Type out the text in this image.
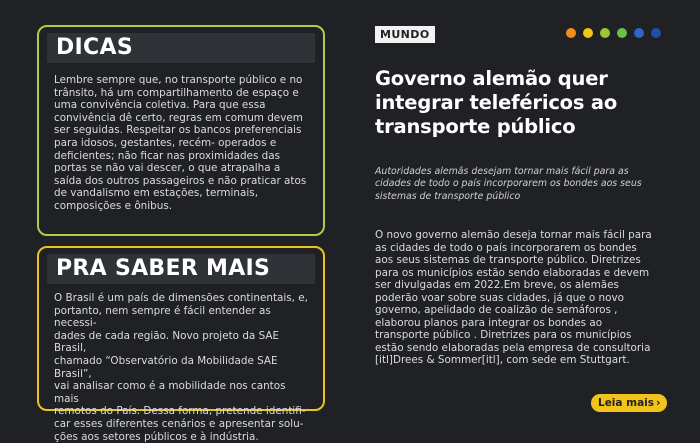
DICAS
Lembre sempre que, no transporte público e no
trânsito, há um compartilhamento de espaço e
uma convivência coletiva. Para que essa
convivência dê certo, regras em comum devem
ser seguidas. Respeitar os bancos preferenciais
para idosos, gestantes, recém- operados e
deficientes; não ficar nas proximidades das
portas se não vai descer, o que atrapalha a
saída dos outros passageiros e não praticar atos
de vandalismo em estações, terminais,
composições e ônibus.
PRA SABER MAIS
O Brasil é um país de dimensões continentais, e,
portanto, nem sempre é fácil entender as necessi-
dades de cada região. Novo projeto da SAE Brasil,
chamado “Observatório da Mobilidade SAE Brasil”,
vai analisar como é a mobilidade nos cantos mais
remotos do País. Dessa forma, pretende identifi-
car esses diferentes cenários e apresentar solu-
ções aos setores públicos e à indústria.
MUNDO
Governo alemão quer
integrar teleféricos ao
transporte público
Autoridades alemãs desejam tornar mais fácil para as
cidades de todo o país incorporarem os bondes aos seus
sistemas de transporte público
O novo governo alemão deseja tornar mais fácil para
as cidades de todo o país incorporarem os bondes
aos seus sistemas de transporte público. Diretrizes
para os municípios estão sendo elaboradas e devem
ser divulgadas em 2022.Em breve, os alemães
poderão voar sobre suas cidades, já que o novo
governo, apelidado de coalizão de semáforos ,
elaborou planos para integrar os bondes ao
transporte público . Diretrizes para os municípios
estão sendo elaboradas pela empresa de consultoria
[itl]Drees & Sommer[itl], com sede em Stuttgart.
Leia mais ›
